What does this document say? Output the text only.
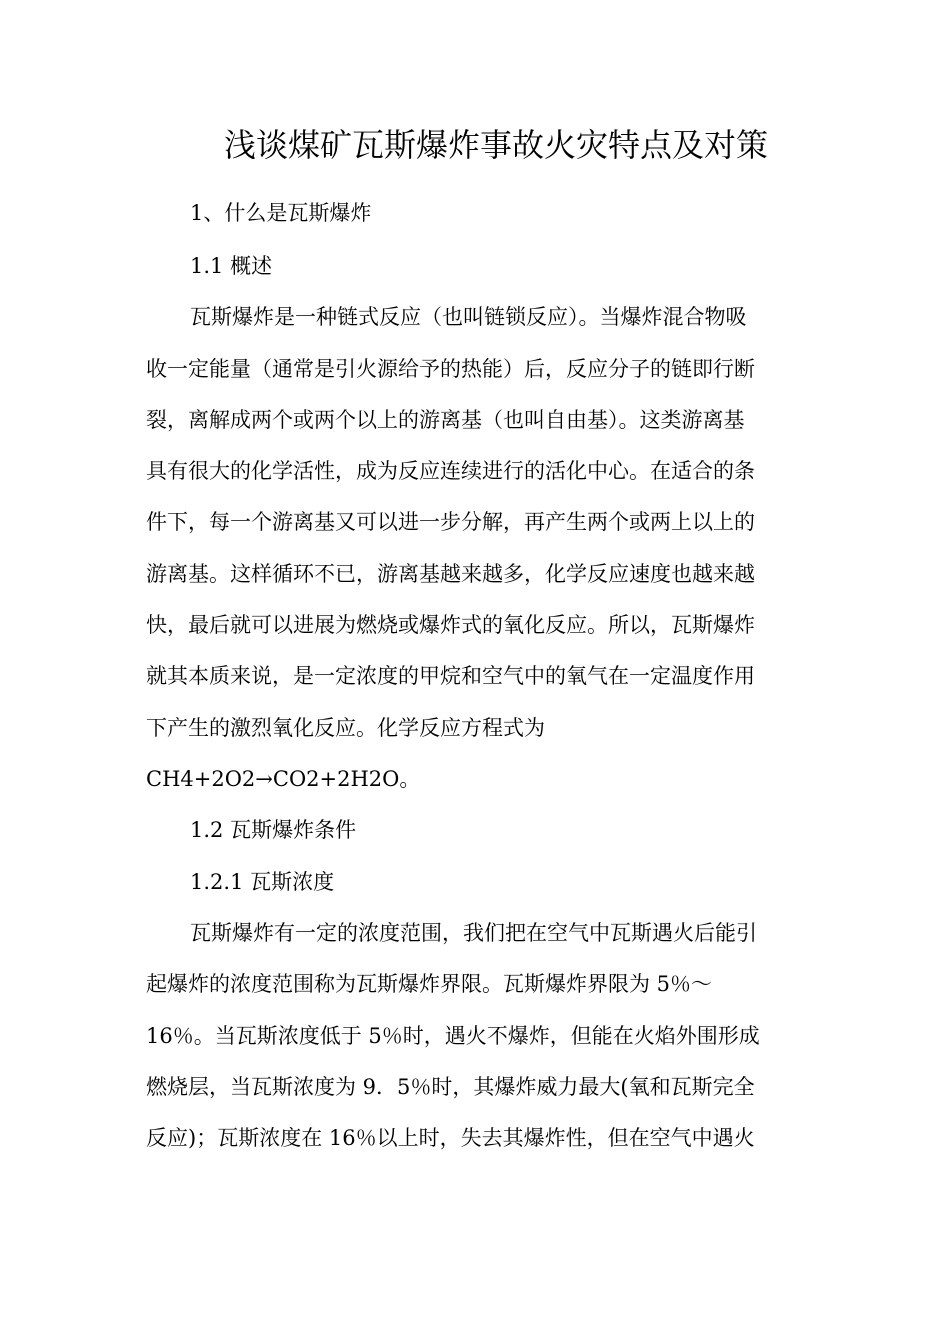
浅谈煤矿瓦斯爆炸事故火灾特点及对策
1、什么是瓦斯爆炸
1.1 概述
瓦斯爆炸是一种链式反应（也叫链锁反应）。当爆炸混合物吸
收一定能量（通常是引火源给予的热能）后，反应分子的链即行断
裂，离解成两个或两个以上的游离基（也叫自由基）。这类游离基
具有很大的化学活性，成为反应连续进行的活化中心。在适合的条
件下，每一个游离基又可以进一步分解，再产生两个或两上以上的
游离基。这样循环不已，游离基越来越多，化学反应速度也越来越
快，最后就可以进展为燃烧或爆炸式的氧化反应。所以，瓦斯爆炸
就其本质来说，是一定浓度的甲烷和空气中的氧气在一定温度作用
下产生的激烈氧化反应。化学反应方程式为
CH4+2O2→CO2+2H2O。
1.2 瓦斯爆炸条件
1.2.1 瓦斯浓度
瓦斯爆炸有一定的浓度范围，我们把在空气中瓦斯遇火后能引
起爆炸的浓度范围称为瓦斯爆炸界限。瓦斯爆炸界限为 5％～
16％。当瓦斯浓度低于 5％时，遇火不爆炸，但能在火焰外围形成
燃烧层，当瓦斯浓度为 9．5％时，其爆炸威力最大(氧和瓦斯完全
反应)；瓦斯浓度在 16％以上时，失去其爆炸性，但在空气中遇火
